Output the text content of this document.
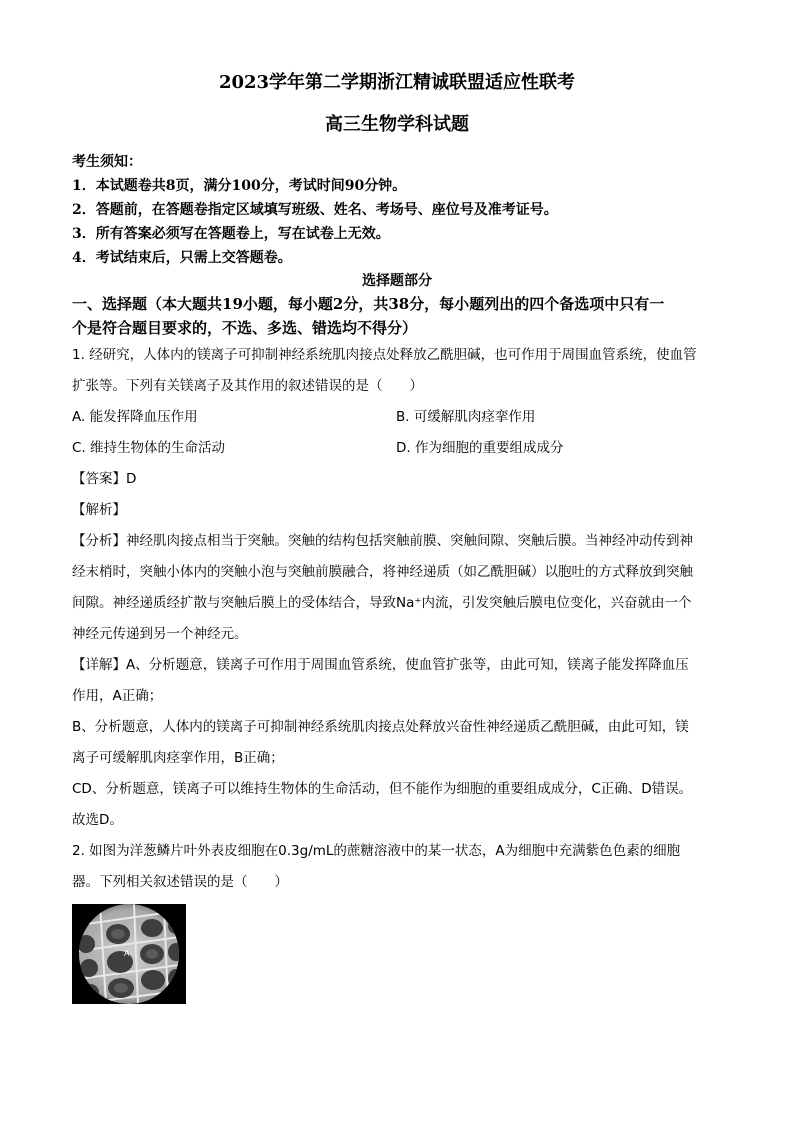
2023学年第二学期浙江精诚联盟适应性联考

高三生物学科试题

考生须知：

1．本试题卷共8页，满分100分，考试时间90分钟。

2．答题前，在答题卷指定区域填写班级、姓名、考场号、座位号及准考证号。

3．所有答案必须写在答题卷上，写在试卷上无效。

4．考试结束后，只需上交答题卷。

选择题部分

一、选择题（本大题共19小题，每小题2分，共38分，每小题列出的四个备选项中只有一

个是符合题目要求的，不选、多选、错选均不得分）

1. 经研究，人体内的镁离子可抑制神经系统肌肉接点处释放乙酰胆碱，也可作用于周围血管系统，使血管

扩张等。下列有关镁离子及其作用的叙述错误的是（　　）

A. 能发挥降血压作用	B. 可缓解肌肉痉挛作用
C. 维持生物体的生命活动	D. 作为细胞的重要组成成分

【答案】D

【解析】

【分析】神经肌肉接点相当于突触。突触的结构包括突触前膜、突触间隙、突触后膜。当神经冲动传到神

经末梢时，突触小体内的突触小泡与突触前膜融合，将神经递质（如乙酰胆碱）以胞吐的方式释放到突触

间隙。神经递质经扩散与突触后膜上的受体结合，导致Na⁺内流，引发突触后膜电位变化，兴奋就由一个

神经元传递到另一个神经元。

【详解】A、分析题意，镁离子可作用于周围血管系统，使血管扩张等，由此可知，镁离子能发挥降血压

作用，A正确；

B、分析题意，人体内的镁离子可抑制神经系统肌肉接点处释放兴奋性神经递质乙酰胆碱，由此可知，镁

离子可缓解肌肉痉挛作用，B正确；

CD、分析题意，镁离子可以维持生物体的生命活动，但不能作为细胞的重要组成成分，C正确、D错误。

故选D。

2. 如图为洋葱鳞片叶外表皮细胞在0.3g/mL的蔗糖溶液中的某一状态，A为细胞中充满紫色色素的细胞

器。下列相关叙述错误的是（　　）

A
